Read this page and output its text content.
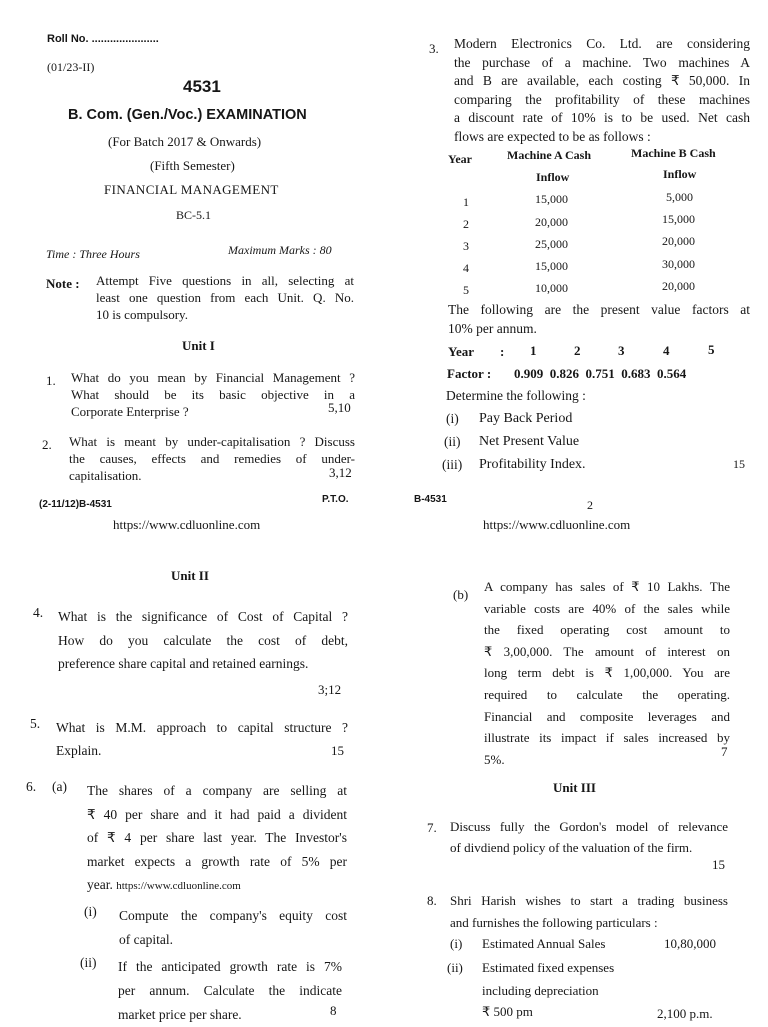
Roll No. ......................
(01/23-II)
4531
B. Com. (Gen./Voc.) EXAMINATION
(For Batch 2017 & Onwards)
(Fifth Semester)
FINANCIAL MANAGEMENT
BC-5.1
Time : Three Hours	Maximum Marks : 80
Note : Attempt Five questions in all, selecting at
least one question from each Unit. Q. No.
10 is compulsory.
Unit I
1. What do you mean by Financial Management ?
What should be its basic objective in a
Corporate Enterprise ?	5,10
2. What is meant by under-capitalisation ? Discuss
the causes, effects and remedies of under-
capitalisation.	3,12
(2-11/12)B-4531	P.T.O.
https://www.cdluonline.com
3. Modern Electronics Co. Ltd. are considering
the purchase of a machine. Two machines A
and B are available, each costing ₹ 50,000. In
comparing the profitability of these machines
a discount rate of 10% is to be used. Net cash
flows are expected to be as follows :
Year	Machine A Cash	Machine B Cash
Inflow	Inflow
1	15,000	5,000
2	20,000	15,000
3	25,000	20,000
4	15,000	30,000
5	10,000	20,000
The following are the present value factors at
10% per annum.
Year : 1	2	3	4	5
Factor : 0.909  0.826  0.751  0.683  0.564
Determine the following :
(i) Pay Back Period
(ii) Net Present Value
(iii) Profitability Index.	15
B-4531	2
https://www.cdluonline.com
Unit II
4. What is the significance of Cost of Capital ?
How do you calculate the cost of debt,
preference share capital and retained earnings.
3;12
5. What is M.M. approach to capital structure ?
Explain.	15
6. (a) The shares of a company are selling at
₹ 40 per share and it had paid a divident
of ₹ 4 per share last year. The Investor's
market expects a growth rate of 5% per
year. https://www.cdluonline.com
(i) Compute the company's equity cost
of capital.
(ii) If the anticipated growth rate is 7%
per annum. Calculate the indicate
market price per share.	8
(b)
A company has sales of ₹ 10 Lakhs. The
variable costs are 40% of the sales while
the fixed operating cost amount to
₹ 3,00,000. The amount of interest on
long term debt is ₹ 1,00,000. You are
required to calculate the operating.
Financial and composite leverages and
illustrate its impact if sales increased by
5%.
7
Unit III
7. Discuss fully the Gordon's model of relevance
of divdiend policy of the valuation of the firm.
15
8. Shri Harish wishes to start a trading business
and furnishes the following particulars :
(i) Estimated Annual Sales	10,80,000
(ii) Estimated fixed expenses
including depreciation
₹ 500 pm	2,100 p.m.
